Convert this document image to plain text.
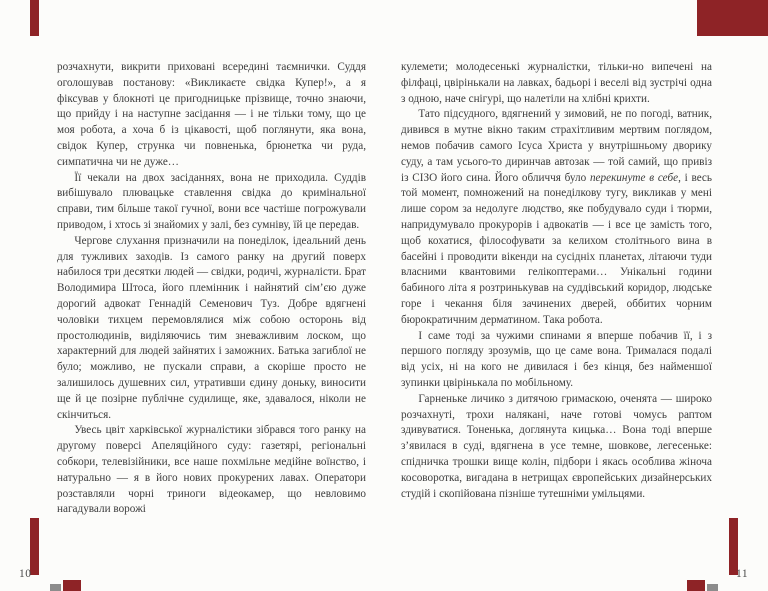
розчахнути, викрити приховані всередині таємнички. Суддя оголошував постанову: «Викликаєте свідка Купер!», а я фіксував у блокноті це пригодницьке прізвище, точно знаючи, що прийду і на наступне засідання — і не тільки тому, що це моя робота, а хоча б із цікавості, щоб поглянути, яка вона, свідок Купер, струнка чи повненька, брюнетка чи руда, симпатична чи не дуже…

Її чекали на двох засіданнях, вона не приходила. Суддів вибішувало плювацьке ставлення свідка до кримінальної справи, тим більше такої гучної, вони все частіше погрожували приводом, і хтось зі знайомих у залі, без сумніву, їй це передав.

Чергове слухання призначили на понеділок, ідеальний день для тужливих заходів. Із самого ранку на другий поверх набилося три десятки людей — свідки, родичі, журналісти. Брат Володимира Штоса, його племінник і найнятий сім’єю дуже дорогий адвокат Геннадій Семенович Туз. Добре вдягнені чоловіки тихцем перемовлялися між собою осторонь від простолюдинів, виділяючись тим зневажливим лоском, що характерний для людей зайнятих і заможних. Батька загиблої не було; можливо, не пускали справи, а скоріше просто не залишилось душевних сил, утративши єдину доньку, виносити ще й це позірне публічне судилище, яке, здавалося, ніколи не скінчиться.

Увесь цвіт харківської журналістики зібрався того ранку на другому поверсі Апеляційного суду: газетярі, регіональні собкори, телевізійники, все наше похмільне медійне воїнство, і натурально — я в його нових прокурених лавах. Оператори розставляли чорні триноги відеокамер, що невловимо нагадували ворожі

кулемети; молодесенькі журналістки, тільки-но випечені на філфаці, цвірінькали на лавках, бадьорі і веселі від зустрічі одна з одною, наче снігурі, що налетіли на хлібні крихти.

Тато підсудного, вдягнений у зимовий, не по погоді, ватник, дивився в мутне вікно таким страхітливим мертвим поглядом, немов побачив самого Ісуса Христа у внутрішньому дворику суду, а там усього-то диринчав автозак — той самий, що привіз із СІЗО його сина. Його обличчя було перекинуте в себе, і весь той момент, помножений на понеділкову тугу, викликав у мені лише сором за недолуге людство, яке побудувало суди і тюрми, напридумувало прокурорів і адвокатів — і все це замість того, щоб кохатися, філософувати за келихом столітнього вина в басейні і проводити вікенди на сусідніх планетах, літаючи туди власними квантовими гелікоптерами… Унікальні години бабиного літа я розтринькував на суддівський коридор, людське горе і чекання біля зачинених дверей, оббитих чорним бюрократичним дерматином. Така робота.

І саме тоді за чужими спинами я вперше побачив її, і з першого погляду зрозумів, що це саме вона. Трималася подалі від усіх, ні на кого не дивилася і без кінця, без найменшої зупинки цвірінькала по мобільному.

Гарненьке личико з дитячою гримаскою, оченята — широко розчахнуті, трохи налякані, наче готові чомусь раптом здивуватися. Тоненька, доглянута кицька… Вона тоді вперше з’явилася в суді, вдягнена в усе темне, шовкове, легесеньке: спідничка трошки вище колін, підбори і якась особлива жіноча косоворотка, вигадана в нетрищах європейських дизайнерських студій і скопійована пізніше тутешніми умільцями.

10	11
